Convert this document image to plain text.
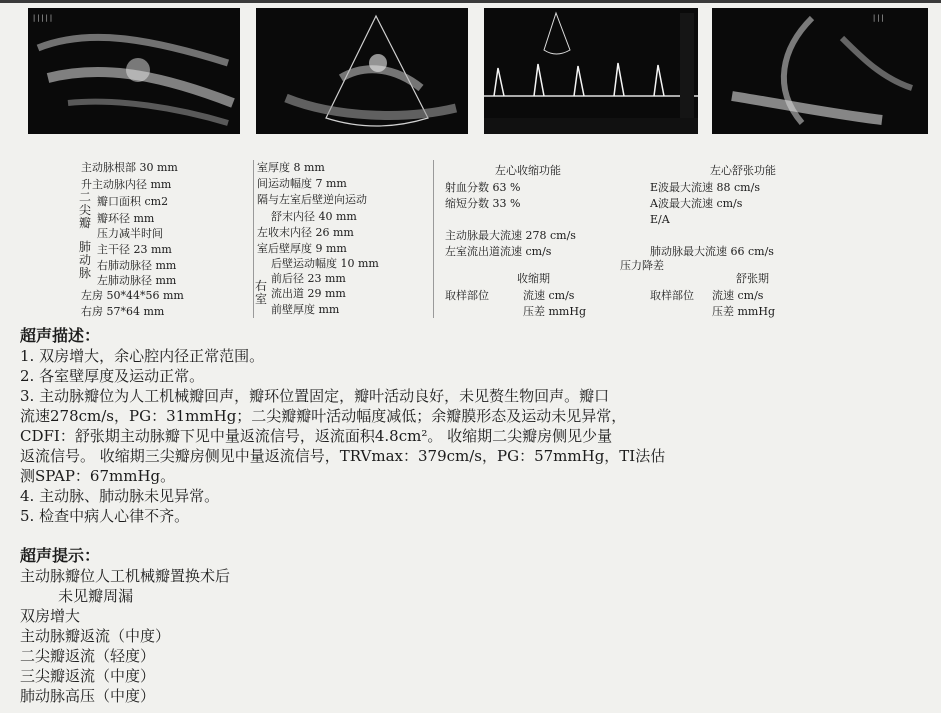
|||||	|||
主动脉根部 30 mm
升主动脉内径 mm
二尖瓣
瓣口面积 cm2
瓣环径 mm
压力减半时间
肺动脉
主干径 23 mm
右肺动脉径 mm
左肺动脉径 mm
左房 50*44*56 mm
右房 57*64 mm
室厚度 8 mm
间运动幅度 7 mm
隔与左室后壁逆向运动
舒末内径 40 mm
左收末内径 26 mm
室后壁厚度 9 mm
后壁运动幅度 10 mm
右室
前后径 23 mm
流出道 29 mm
前壁厚度 mm
左心收缩功能
射血分数 63 %
缩短分数 33 %
主动脉最大流速 278 cm/s
左室流出道流速 cm/s
收缩期
取样部位	流速 cm/s
压差 mmHg
左心舒张功能
E波最大流速 88 cm/s
A波最大流速 cm/s
E/A
肺动脉最大流速 66 cm/s
压力降差
舒张期
取样部位 流速 cm/s
压差 mmHg
超声描述：
1. 双房增大，余心腔内径正常范围。
2. 各室壁厚度及运动正常。
3. 主动脉瓣位为人工机械瓣回声，瓣环位置固定，瓣叶活动良好，未见赘生物回声。瓣口
流速278cm/s，PG：31mmHg；二尖瓣瓣叶活动幅度减低；余瓣膜形态及运动未见异常，
CDFI：舒张期主动脉瓣下见中量返流信号，返流面积4.8cm²。 收缩期二尖瓣房侧见少量
返流信号。 收缩期三尖瓣房侧见中量返流信号，TRVmax：379cm/s，PG：57mmHg，TI法估
测SPAP：67mmHg。
4. 主动脉、肺动脉未见异常。
5. 检查中病人心律不齐。
超声提示：
主动脉瓣位人工机械瓣置换术后
未见瓣周漏
双房增大
主动脉瓣返流（中度）
二尖瓣返流（轻度）
三尖瓣返流（中度）
肺动脉高压（中度）
